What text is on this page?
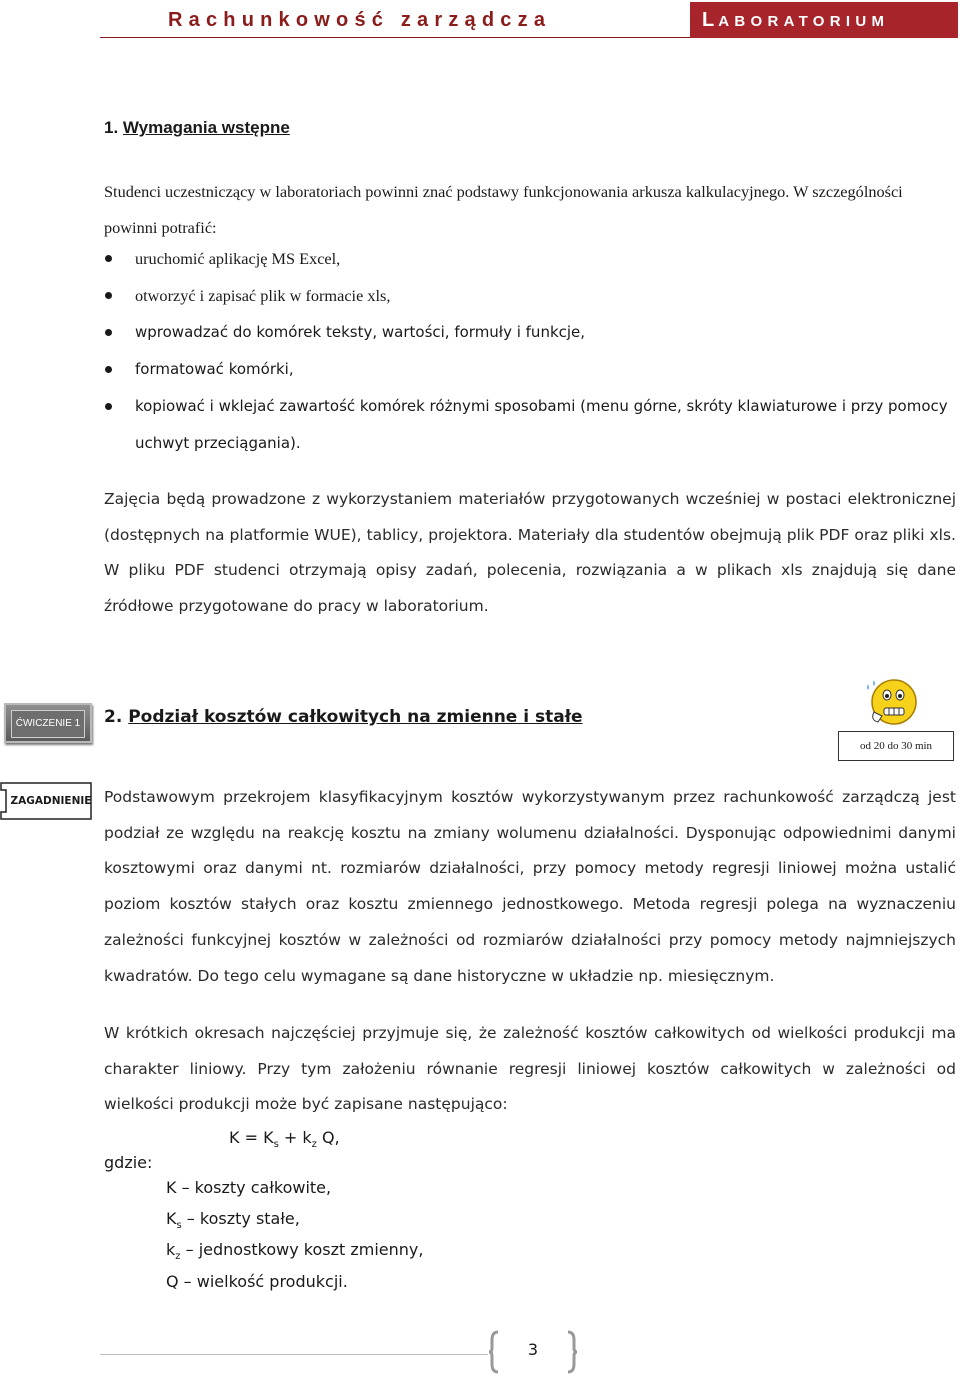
Rachunkowość zarządcza	LABORATORIUM
1. Wymagania wstępne
Studenci uczestniczący w laboratoriach powinni znać podstawy funkcjonowania arkusza kalkulacyjnego. W szczególności powinni potrafić:
uruchomić aplikację MS Excel,
otworzyć i zapisać plik w formacie xls,
wprowadzać do komórek teksty, wartości, formuły i funkcje,
formatować komórki,
kopiować i wklejać zawartość komórek różnymi sposobami (menu górne, skróty klawiaturowe i przy pomocy uchwyt przeciągania).
Zajęcia będą prowadzone z wykorzystaniem materiałów przygotowanych wcześniej w postaci elektronicznej (dostępnych na platformie WUE), tablicy, projektora. Materiały dla studentów obejmują plik PDF oraz pliki xls. W pliku PDF studenci otrzymają opisy zadań, polecenia, rozwiązania a w plikach xls znajdują się dane źródłowe przygotowane do pracy w laboratorium.
ĆWICZENIE 1 2. Podział kosztów całkowitych na zmienne i stałe
od 20 do 30 min
ZAGADNIENIE Podstawowym przekrojem klasyfikacyjnym kosztów wykorzystywanym przez rachunkowość zarządczą jest podział ze względu na reakcję kosztu na zmiany wolumenu działalności. Dysponując odpowiednimi danymi kosztowymi oraz danymi nt. rozmiarów działalności, przy pomocy metody regresji liniowej można ustalić poziom kosztów stałych oraz kosztu zmiennego jednostkowego. Metoda regresji polega na wyznaczeniu zależności funkcyjnej kosztów w zależności od rozmiarów działalności przy pomocy metody najmniejszych kwadratów. Do tego celu wymagane są dane historyczne w układzie np. miesięcznym.
W krótkich okresach najczęściej przyjmuje się, że zależność kosztów całkowitych od wielkości produkcji ma charakter liniowy. Przy tym założeniu równanie regresji liniowej kosztów całkowitych w zależności od wielkości produkcji może być zapisane następująco:
$K = K_s + k_z$ Q,
gdzie:
K – koszty całkowite,
$K_s$ – koszty stałe,
$k_z$ – jednostkowy koszt zmienny,
Q – wielkość produkcji.
3
